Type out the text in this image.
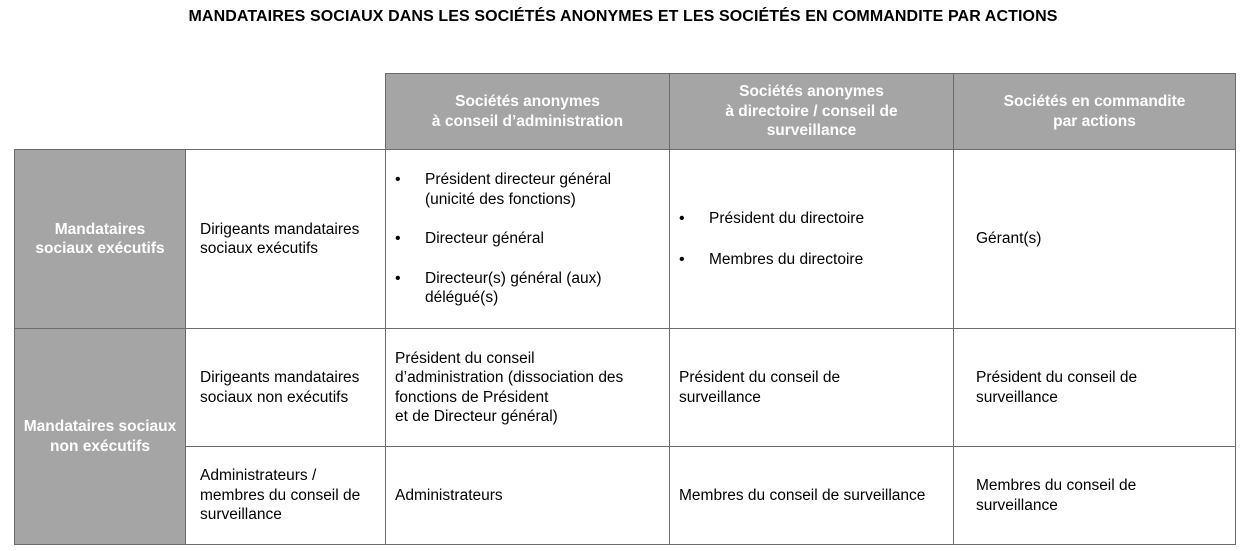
MANDATAIRES SOCIAUX DANS LES SOCIÉTÉS ANONYMES ET LES SOCIÉTÉS EN COMMANDITE PAR ACTIONS
Sociétés anonymes
à conseil d’administration
Sociétés anonymes
à directoire / conseil de
surveillance
Sociétés en commandite
par actions
Mandataires
sociaux exécutifs
Dirigeants mandataires
sociaux exécutifs
• Président directeur général
(unicité des fonctions)
• Directeur général
• Directeur(s) général (aux)
délégué(s)
• Président du directoire
• Membres du directoire
Gérant(s)
Mandataires sociaux
non exécutifs
Dirigeants mandataires
sociaux non exécutifs
Président du conseil
d’administration (dissociation des
fonctions de Président
et de Directeur général)
Président du conseil de
surveillance
Président du conseil de
surveillance
Administrateurs /
membres du conseil de
surveillance
Administrateurs	Membres du conseil de surveillance
Membres du conseil de
surveillance
